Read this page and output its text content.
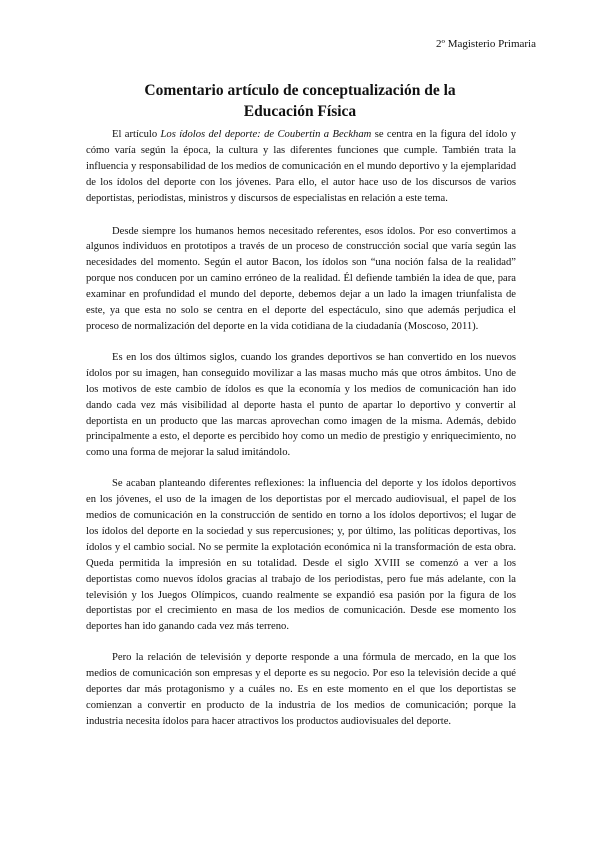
2º Magisterio Primaria
Comentario artículo de conceptualización de la
Educación Física

El artículo Los ídolos del deporte: de Coubertin a Beckham se centra en la figura del ídolo y cómo varía según la época, la cultura y las diferentes funciones que cumple. También trata la influencia y responsabilidad de los medios de comunicación en el mundo deportivo y la ejemplaridad de los ídolos del deporte con los jóvenes. Para ello, el autor hace uso de los discursos de varios deportistas, periodistas, ministros y discursos de especialistas en relación a este tema.

Desde siempre los humanos hemos necesitado referentes, esos ídolos. Por eso convertimos a algunos individuos en prototipos a través de un proceso de construcción social que varía según las necesidades del momento. Según el autor Bacon, los ídolos son “una noción falsa de la realidad” porque nos conducen por un camino erróneo de la realidad. Él defiende también la idea de que, para examinar en profundidad el mundo del deporte, debemos dejar a un lado la imagen triunfalista de este, ya que esta no solo se centra en el deporte del espectáculo, sino que además perjudica el proceso de normalización del deporte en la vida cotidiana de la ciudadanía (Moscoso, 2011).

Es en los dos últimos siglos, cuando los grandes deportivos se han convertido en los nuevos ídolos por su imagen, han conseguido movilizar a las masas mucho más que otros ámbitos. Uno de los motivos de este cambio de ídolos es que la economía y los medios de comunicación han ido dando cada vez más visibilidad al deporte hasta el punto de apartar lo deportivo y convertir al deportista en un producto que las marcas aprovechan como imagen de la misma. Además, debido principalmente a esto, el deporte es percibido hoy como un medio de prestigio y enriquecimiento, no como una forma de mejorar la salud imitándolo.

Se acaban planteando diferentes reflexiones: la influencia del deporte y los ídolos deportivos en los jóvenes, el uso de la imagen de los deportistas por el mercado audiovisual, el papel de los medios de comunicación en la construcción de sentido en torno a los ídolos deportivos; el lugar de los ídolos del deporte en la sociedad y sus repercusiones; y, por último, las políticas deportivas, los ídolos y el cambio social. No se permite la explotación económica ni la transformación de esta obra. Queda permitida la impresión en su totalidad. Desde el siglo XVIII se comenzó a ver a los deportistas como nuevos ídolos gracias al trabajo de los periodistas, pero fue más adelante, con la televisión y los Juegos Olímpicos, cuando realmente se expandió esa pasión por la figura de los deportistas por el crecimiento en masa de los medios de comunicación. Desde ese momento los deportes han ido ganando cada vez más terreno.

Pero la relación de televisión y deporte responde a una fórmula de mercado, en la que los medios de comunicación son empresas y el deporte es su negocio. Por eso la televisión decide a qué deportes dar más protagonismo y a cuáles no. Es en este momento en el que los deportistas se comienzan a convertir en producto de la industria de los medios de comunicación; porque la industria necesita ídolos para hacer atractivos los productos audiovisuales del deporte.
